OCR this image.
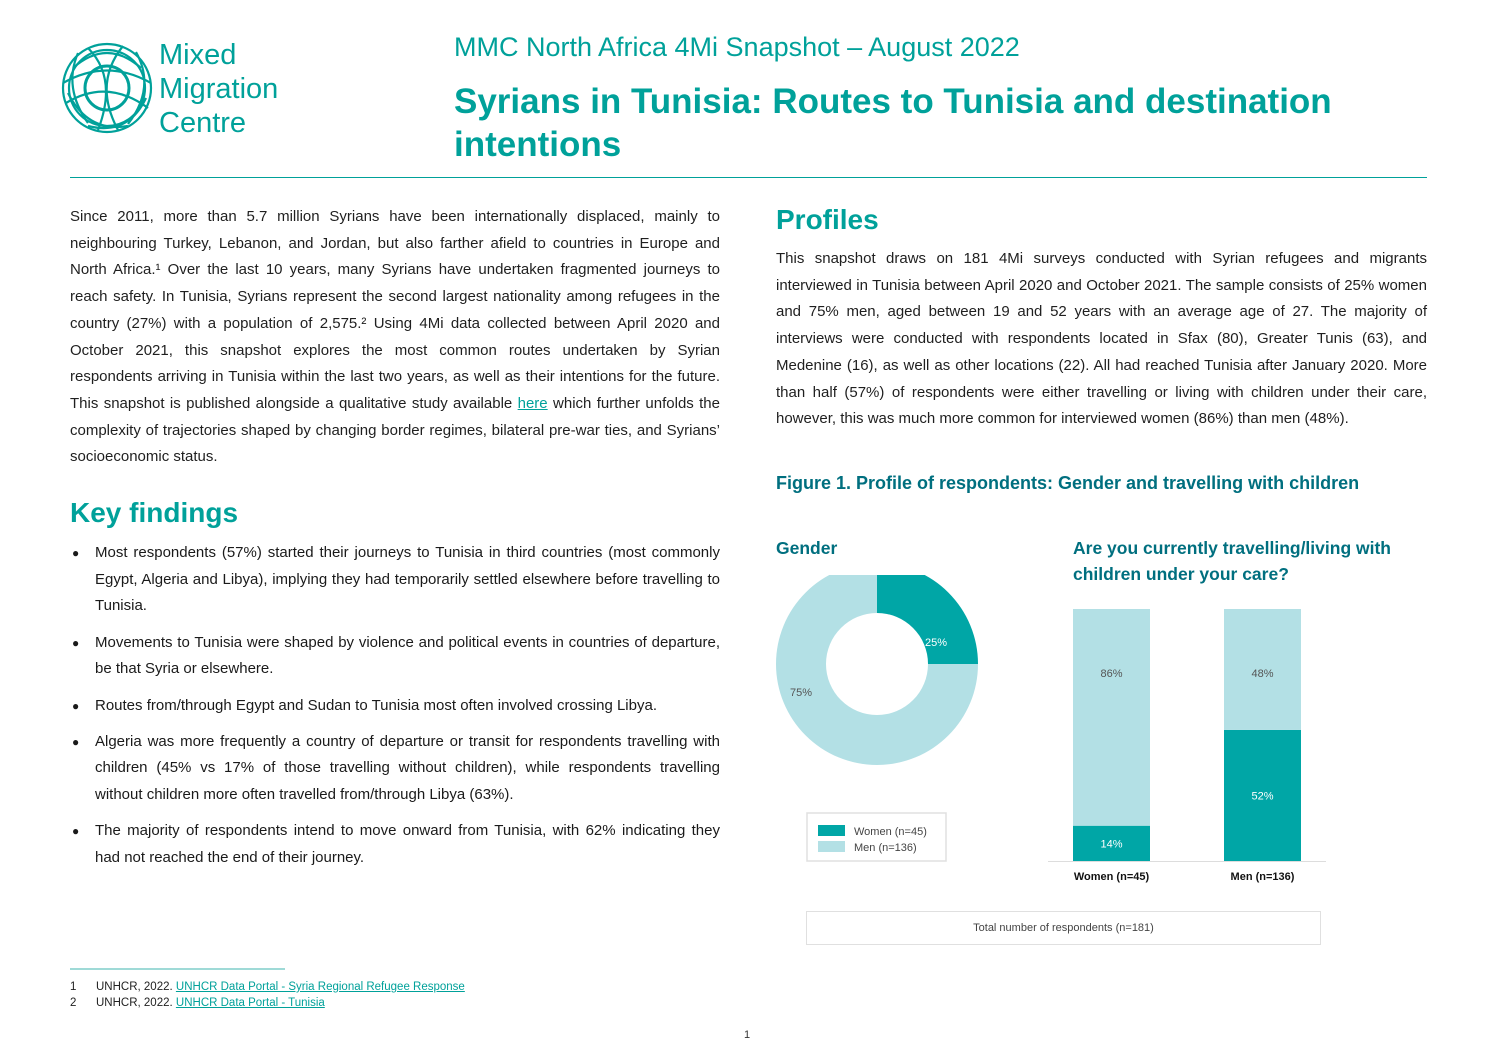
Mixed
Migration
Centre
MMC North Africa 4Mi Snapshot – August 2022
Syrians in Tunisia: Routes to Tunisia and destination intentions
Since 2011, more than 5.7 million Syrians have been internationally displaced, mainly to neighbouring Turkey, Lebanon, and Jordan, but also farther afield to countries in Europe and North Africa.¹ Over the last 10 years, many Syrians have undertaken fragmented journeys to reach safety. In Tunisia, Syrians represent the second largest nationality among refugees in the country (27%) with a population of 2,575.² Using 4Mi data collected between April 2020 and October 2021, this snapshot explores the most common routes undertaken by Syrian respondents arriving in Tunisia within the last two years, as well as their intentions for the future. This snapshot is published alongside a qualitative study available here which further unfolds the complexity of trajectories shaped by changing border regimes, bilateral pre-war ties, and Syrians’ socioeconomic status.
Key findings
● Most respondents (57%) started their journeys to Tunisia in third countries (most commonly Egypt, Algeria and Libya), implying they had temporarily settled elsewhere before travelling to Tunisia.
● Movements to Tunisia were shaped by violence and political events in countries of departure, be that Syria or elsewhere.
● Routes from/through Egypt and Sudan to Tunisia most often involved crossing Libya.
● Algeria was more frequently a country of departure or transit for respondents travelling with children (45% vs 17% of those travelling without children), while respondents travelling without children more often travelled from/through Libya (63%).
● The majority of respondents intend to move onward from Tunisia, with 62% indicating they had not reached the end of their journey.
1 UNHCR, 2022. UNHCR Data Portal - Syria Regional Refugee Response
2 UNHCR, 2022. UNHCR Data Portal - Tunisia
1
Profiles
This snapshot draws on 181 4Mi surveys conducted with Syrian refugees and migrants interviewed in Tunisia between April 2020 and October 2021. The sample consists of 25% women and 75% men, aged between 19 and 52 years with an average age of 27. The majority of interviews were conducted with respondents located in Sfax (80), Greater Tunis (63), and Medenine (16), as well as other locations (22). All had reached Tunisia after January 2020. More than half (57%) of respondents were either travelling or living with children under their care, however, this was much more common for interviewed women (86%) than men (48%).
Figure 1. Profile of respondents: Gender and travelling with children
Gender	Are you currently travelling/living with children under your care?
25%
75%
Women (n=45)
Men (n=136)	14%
86%
Women (n=45)
52%
48%
Men (n=136)
Total number of respondents (n=181)
